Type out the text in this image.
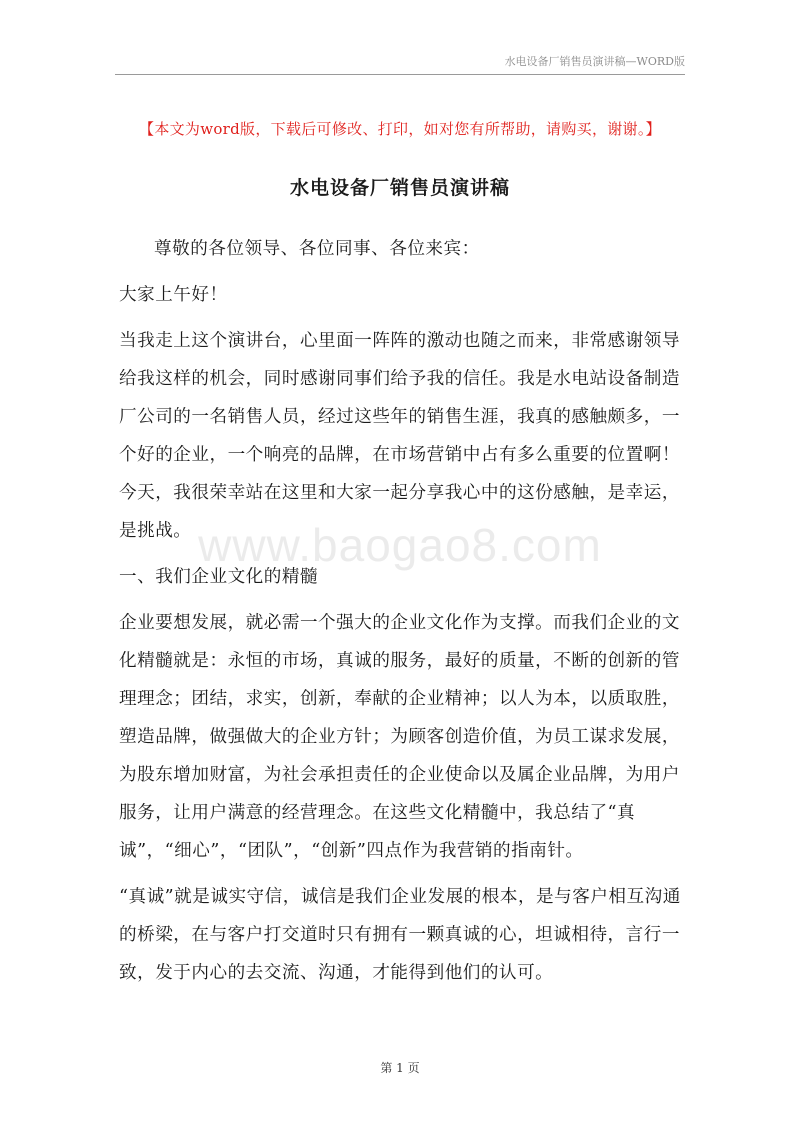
水电设备厂销售员演讲稿—WORD版
【本文为word版，下载后可修改、打印，如对您有所帮助，请购买，谢谢。】
水电设备厂销售员演讲稿

尊敬的各位领导、各位同事、各位来宾：

大家上午好！

当我走上这个演讲台，心里面一阵阵的激动也随之而来，非常感谢领导给我这样的机会，同时感谢同事们给予我的信任。我是水电站设备制造厂公司的一名销售人员，经过这些年的销售生涯，我真的感触颇多，一个好的企业，一个响亮的品牌，在市场营销中占有多么重要的位置啊！今天，我很荣幸站在这里和大家一起分享我心中的这份感触，是幸运，是挑战。

一、我们企业文化的精髓

企业要想发展，就必需一个强大的企业文化作为支撑。而我们企业的文化精髓就是：永恒的市场，真诚的服务，最好的质量，不断的创新的管理理念；团结，求实，创新，奉献的企业精神；以人为本，以质取胜，塑造品牌，做强做大的企业方针；为顾客创造价值，为员工谋求发展，为股东增加财富，为社会承担责任的企业使命以及属企业品牌，为用户服务，让用户满意的经营理念。在这些文化精髓中，我总结了“真诚”，“细心”，“团队”，“创新”四点作为我营销的指南针。

“真诚”就是诚实守信，诚信是我们企业发展的根本，是与客户相互沟通的桥梁，在与客户打交道时只有拥有一颗真诚的心，坦诚相待，言行一致，发于内心的去交流、沟通，才能得到他们的认可。

www.baogao8.com
第 1 页
